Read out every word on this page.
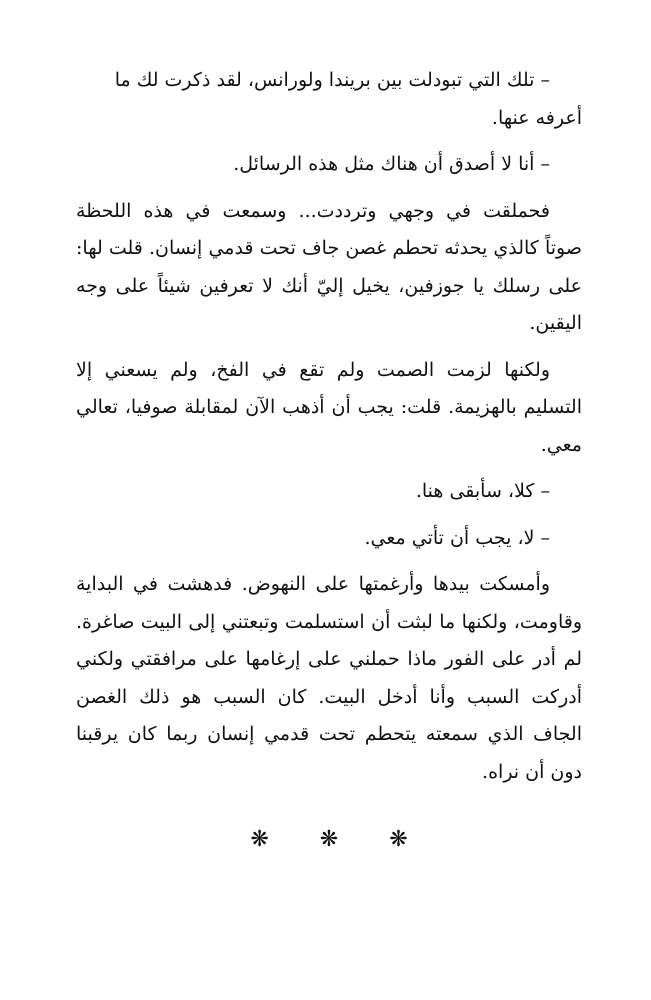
– تلك التي تبودلت بين بريندا ولورانس، لقد ذكرت لك ما أعرفه عنها.

– أنا لا أصدق أن هناك مثل هذه الرسائل.

فحملقت في وجهي وترددت... وسمعت في هذه اللحظة صوتاً كالذي يحدثه تحطم غصن جاف تحت قدمي إنسان. قلت لها: على رسلك يا جوزفين، يخيل إليّ أنك لا تعرفين شيئاً على وجه اليقين.

ولكنها لزمت الصمت ولم تقع في الفخ، ولم يسعني إلا التسليم بالهزيمة. قلت: يجب أن أذهب الآن لمقابلة صوفيا، تعالي معي.

– كلا، سأبقى هنا.

– لا، يجب أن تأتي معي.

وأمسكت بيدها وأرغمتها على النهوض. فدهشت في البداية وقاومت، ولكنها ما لبثت أن استسلمت وتبعتني إلى البيت صاغرة. لم أدر على الفور ماذا حملني على إرغامها على مرافقتي ولكني أدركت السبب وأنا أدخل البيت. كان السبب هو ذلك الغصن الجاف الذي سمعته يتحطم تحت قدمي إنسان ربما كان يرقبنا دون أن نراه.

❋ ❋ ❋
